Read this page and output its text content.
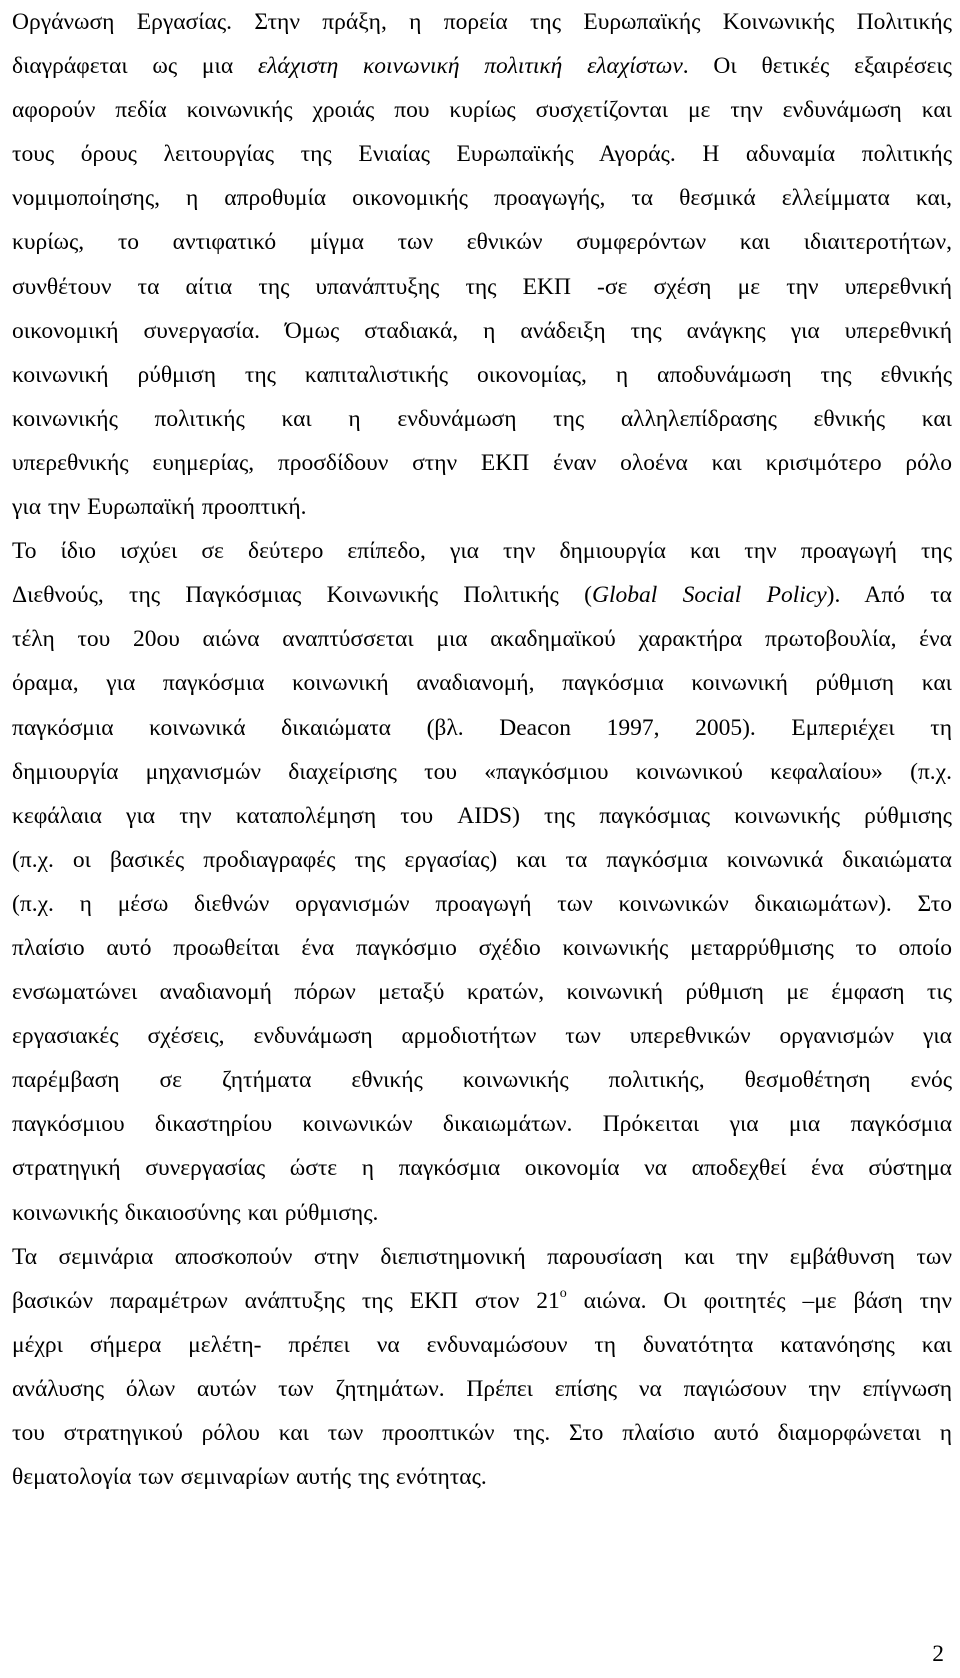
Οργάνωση Εργασίας. Στην πράξη, η πορεία της Ευρωπαϊκής Κοινωνικής Πολιτικής
διαγράφεται ως μια ελάχιστη κοινωνική πολιτική ελαχίστων. Οι θετικές εξαιρέσεις
αφορούν πεδία κοινωνικής χροιάς που κυρίως συσχετίζονται με την ενδυνάμωση και
τους όρους λειτουργίας της Ενιαίας Ευρωπαϊκής Αγοράς. Η αδυναμία πολιτικής
νομιμοποίησης, η απροθυμία οικονομικής προαγωγής, τα θεσμικά ελλείμματα και,
κυρίως, το αντιφατικό μίγμα των εθνικών συμφερόντων και ιδιαιτεροτήτων,
συνθέτουν τα αίτια της υπανάπτυξης της ΕΚΠ -σε σχέση με την υπερεθνική
οικονομική συνεργασία. Όμως σταδιακά, η ανάδειξη της ανάγκης για υπερεθνική
κοινωνική ρύθμιση της καπιταλιστικής οικονομίας, η αποδυνάμωση της εθνικής
κοινωνικής πολιτικής και η ενδυνάμωση της αλληλεπίδρασης εθνικής και
υπερεθνικής ευημερίας, προσδίδουν στην ΕΚΠ έναν ολοένα και κρισιμότερο ρόλο
για την Ευρωπαϊκή προοπτική.
Το ίδιο ισχύει σε δεύτερο επίπεδο, για την δημιουργία και την προαγωγή της
Διεθνούς, της Παγκόσμιας Κοινωνικής Πολιτικής (Global Social Policy). Από τα
τέλη του 20ου αιώνα αναπτύσσεται μια ακαδημαϊκού χαρακτήρα πρωτοβουλία, ένα
όραμα, για παγκόσμια κοινωνική αναδιανομή, παγκόσμια κοινωνική ρύθμιση και
παγκόσμια κοινωνικά δικαιώματα (βλ. Deacon 1997, 2005). Εμπεριέχει τη
δημιουργία μηχανισμών διαχείρισης του «παγκόσμιου κοινωνικού κεφαλαίου» (π.χ.
κεφάλαια για την καταπολέμηση του AIDS) της παγκόσμιας κοινωνικής ρύθμισης
(π.χ. οι βασικές προδιαγραφές της εργασίας) και τα παγκόσμια κοινωνικά δικαιώματα
(π.χ. η μέσω διεθνών οργανισμών προαγωγή των κοινωνικών δικαιωμάτων). Στο
πλαίσιο αυτό προωθείται ένα παγκόσμιο σχέδιο κοινωνικής μεταρρύθμισης το οποίο
ενσωματώνει αναδιανομή πόρων μεταξύ κρατών, κοινωνική ρύθμιση με έμφαση τις
εργασιακές σχέσεις, ενδυνάμωση αρμοδιοτήτων των υπερεθνικών οργανισμών για
παρέμβαση σε ζητήματα εθνικής κοινωνικής πολιτικής, θεσμοθέτηση ενός
παγκόσμιου δικαστηρίου κοινωνικών δικαιωμάτων. Πρόκειται για μια παγκόσμια
στρατηγική συνεργασίας ώστε η παγκόσμια οικονομία να αποδεχθεί ένα σύστημα
κοινωνικής δικαιοσύνης και ρύθμισης.
Τα σεμινάρια αποσκοπούν στην διεπιστημονική παρουσίαση και την εμβάθυνση των
βασικών παραμέτρων ανάπτυξης της ΕΚΠ στον $21^o$ αιώνα. Οι φοιτητές –με βάση την
μέχρι σήμερα μελέτη- πρέπει να ενδυναμώσουν τη δυνατότητα κατανόησης και
ανάλυσης όλων αυτών των ζητημάτων. Πρέπει επίσης να παγιώσουν την επίγνωση
του στρατηγικού ρόλου και των προοπτικών της. Στο πλαίσιο αυτό διαμορφώνεται η
θεματολογία των σεμιναρίων αυτής της ενότητας.
2
